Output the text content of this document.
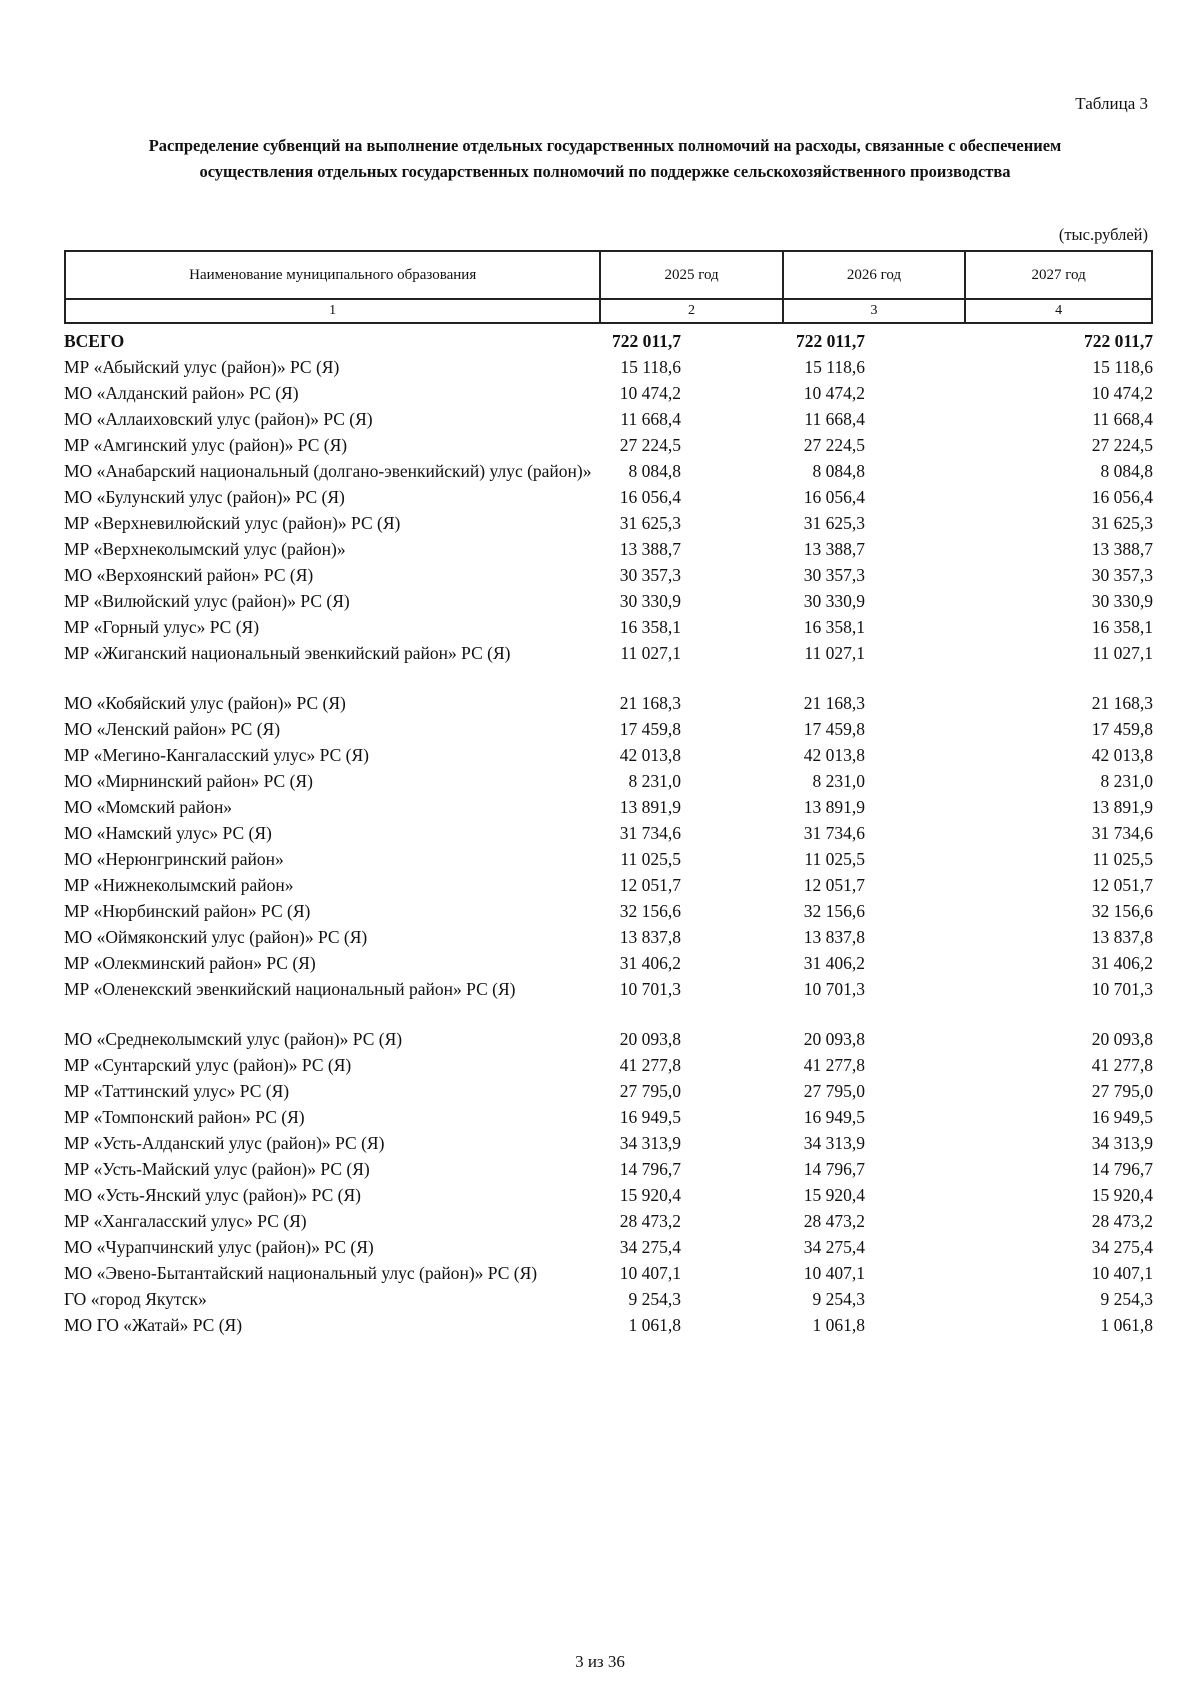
Таблица 3
Распределение субвенций на выполнение отдельных государственных полномочий на расходы, связанные с обеспечением осуществления отдельных государственных полномочий по поддержке сельскохозяйственного производства
(тыс.рублей)
Наименование муниципального образования	2025 год	2026 год	2027 год
1	2	3	4
ВСЕГО	722 011,7	722 011,7	722 011,7
МР «Абыйский улус (район)» РС (Я)	15 118,6	15 118,6	15 118,6
МО «Алданский район» РС (Я)	10 474,2	10 474,2	10 474,2
МО «Аллаиховский улус (район)» РС (Я)	11 668,4	11 668,4	11 668,4
МР «Амгинский улус (район)» РС (Я)	27 224,5	27 224,5	27 224,5
МО «Анабарский национальный (долгано-эвенкийский) улус (район)»	8 084,8	8 084,8	8 084,8
МО «Булунский улус (район)» РС (Я)	16 056,4	16 056,4	16 056,4
МР «Верхневилюйский улус (район)» РС (Я)	31 625,3	31 625,3	31 625,3
МР «Верхнеколымский улус (район)»	13 388,7	13 388,7	13 388,7
МО «Верхоянский район» РС (Я)	30 357,3	30 357,3	30 357,3
МР «Вилюйский улус (район)» РС (Я)	30 330,9	30 330,9	30 330,9
МР «Горный улус» РС (Я)	16 358,1	16 358,1	16 358,1
МР «Жиганский национальный эвенкийский район» РС (Я)	11 027,1	11 027,1	11 027,1
МО «Кобяйский улус (район)» РС (Я)	21 168,3	21 168,3	21 168,3
МО «Ленский район» РС (Я)	17 459,8	17 459,8	17 459,8
МР «Мегино-Кангаласский улус» РС (Я)	42 013,8	42 013,8	42 013,8
МО «Мирнинский район» РС (Я)	8 231,0	8 231,0	8 231,0
МО «Момский район»	13 891,9	13 891,9	13 891,9
МО «Намский улус» РС (Я)	31 734,6	31 734,6	31 734,6
МО «Нерюнгринский район»	11 025,5	11 025,5	11 025,5
МР «Нижнеколымский район»	12 051,7	12 051,7	12 051,7
МР «Нюрбинский район» РС (Я)	32 156,6	32 156,6	32 156,6
МО «Оймяконский улус (район)» РС (Я)	13 837,8	13 837,8	13 837,8
МР «Олекминский район» РС (Я)	31 406,2	31 406,2	31 406,2
МР «Оленекский эвенкийский национальный район» РС (Я)	10 701,3	10 701,3	10 701,3
МО «Среднеколымский улус (район)» РС (Я)	20 093,8	20 093,8	20 093,8
МР «Сунтарский улус (район)» РС (Я)	41 277,8	41 277,8	41 277,8
МР «Таттинский улус» РС (Я)	27 795,0	27 795,0	27 795,0
МР «Томпонский район» РС (Я)	16 949,5	16 949,5	16 949,5
МР «Усть-Алданский улус (район)» РС (Я)	34 313,9	34 313,9	34 313,9
МР «Усть-Майский улус (район)» РС (Я)	14 796,7	14 796,7	14 796,7
МО «Усть-Янский улус (район)» РС (Я)	15 920,4	15 920,4	15 920,4
МР «Хангаласский улус» РС (Я)	28 473,2	28 473,2	28 473,2
МО «Чурапчинский улус (район)» РС (Я)	34 275,4	34 275,4	34 275,4
МО «Эвено-Бытантайский национальный улус (район)» РС (Я)	10 407,1	10 407,1	10 407,1
ГО «город Якутск»	9 254,3	9 254,3	9 254,3
МО ГО «Жатай» РС (Я)	1 061,8	1 061,8	1 061,8
3 из 36
